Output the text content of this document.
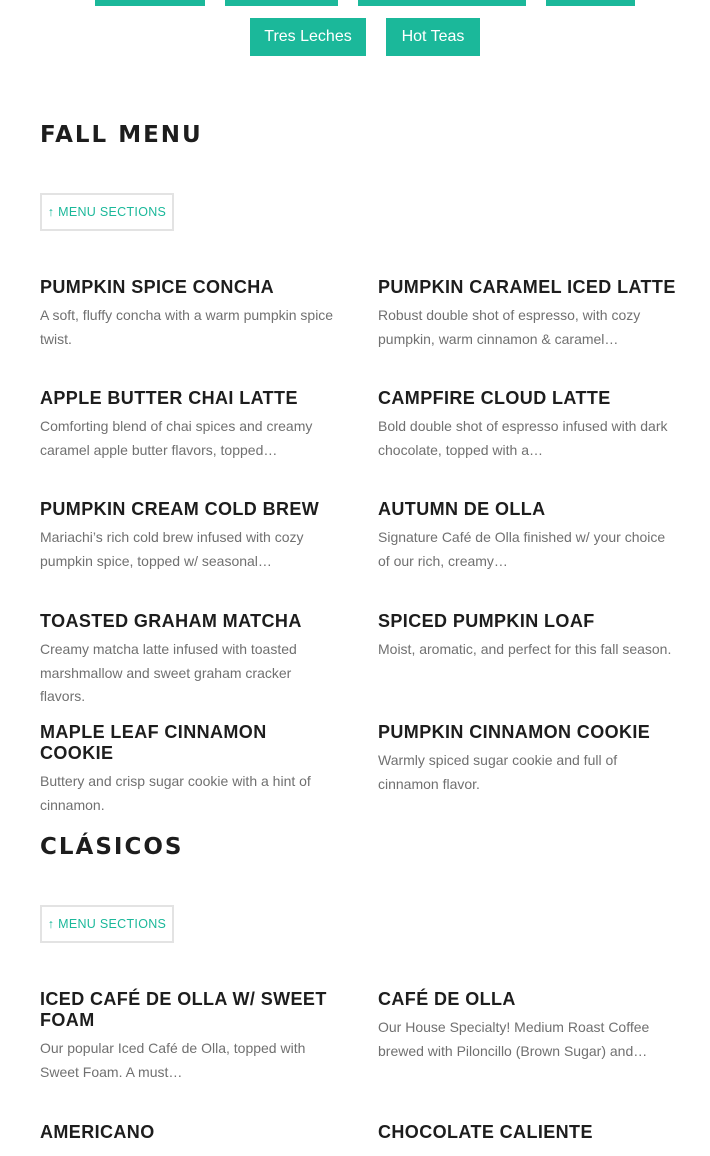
Tres Leches	Hot Teas
FALL MENU
↑ MENU SECTIONS
PUMPKIN SPICE CONCHA

A soft, fluffy concha with a warm pumpkin spice twist.

PUMPKIN CARAMEL ICED LATTE

Robust double shot of espresso, with cozy pumpkin, warm cinnamon & caramel…

APPLE BUTTER CHAI LATTE

Comforting blend of chai spices and creamy caramel apple butter flavors, topped…

CAMPFIRE CLOUD LATTE

Bold double shot of espresso infused with dark chocolate, topped with a…

PUMPKIN CREAM COLD BREW

Mariachi’s rich cold brew infused with cozy pumpkin spice, topped w/ seasonal…

AUTUMN DE OLLA

Signature Café de Olla finished w/ your choice of our rich, creamy…

TOASTED GRAHAM MATCHA

Creamy matcha latte infused with toasted marshmallow and sweet graham cracker flavors.

SPICED PUMPKIN LOAF

Moist, aromatic, and perfect for this fall season.

MAPLE LEAF CINNAMON COOKIE

Buttery and crisp sugar cookie with a hint of cinnamon.

PUMPKIN CINNAMON COOKIE

Warmly spiced sugar cookie and full of cinnamon flavor.

CLÁSICOS
↑ MENU SECTIONS
ICED CAFÉ DE OLLA W/ SWEET FOAM

Our popular Iced Café de Olla, topped with Sweet Foam. A must…

CAFÉ DE OLLA

Our House Specialty! Medium Roast Coffee brewed with Piloncillo (Brown Sugar) and…

AMERICANO	CHOCOLATE CALIENTE
